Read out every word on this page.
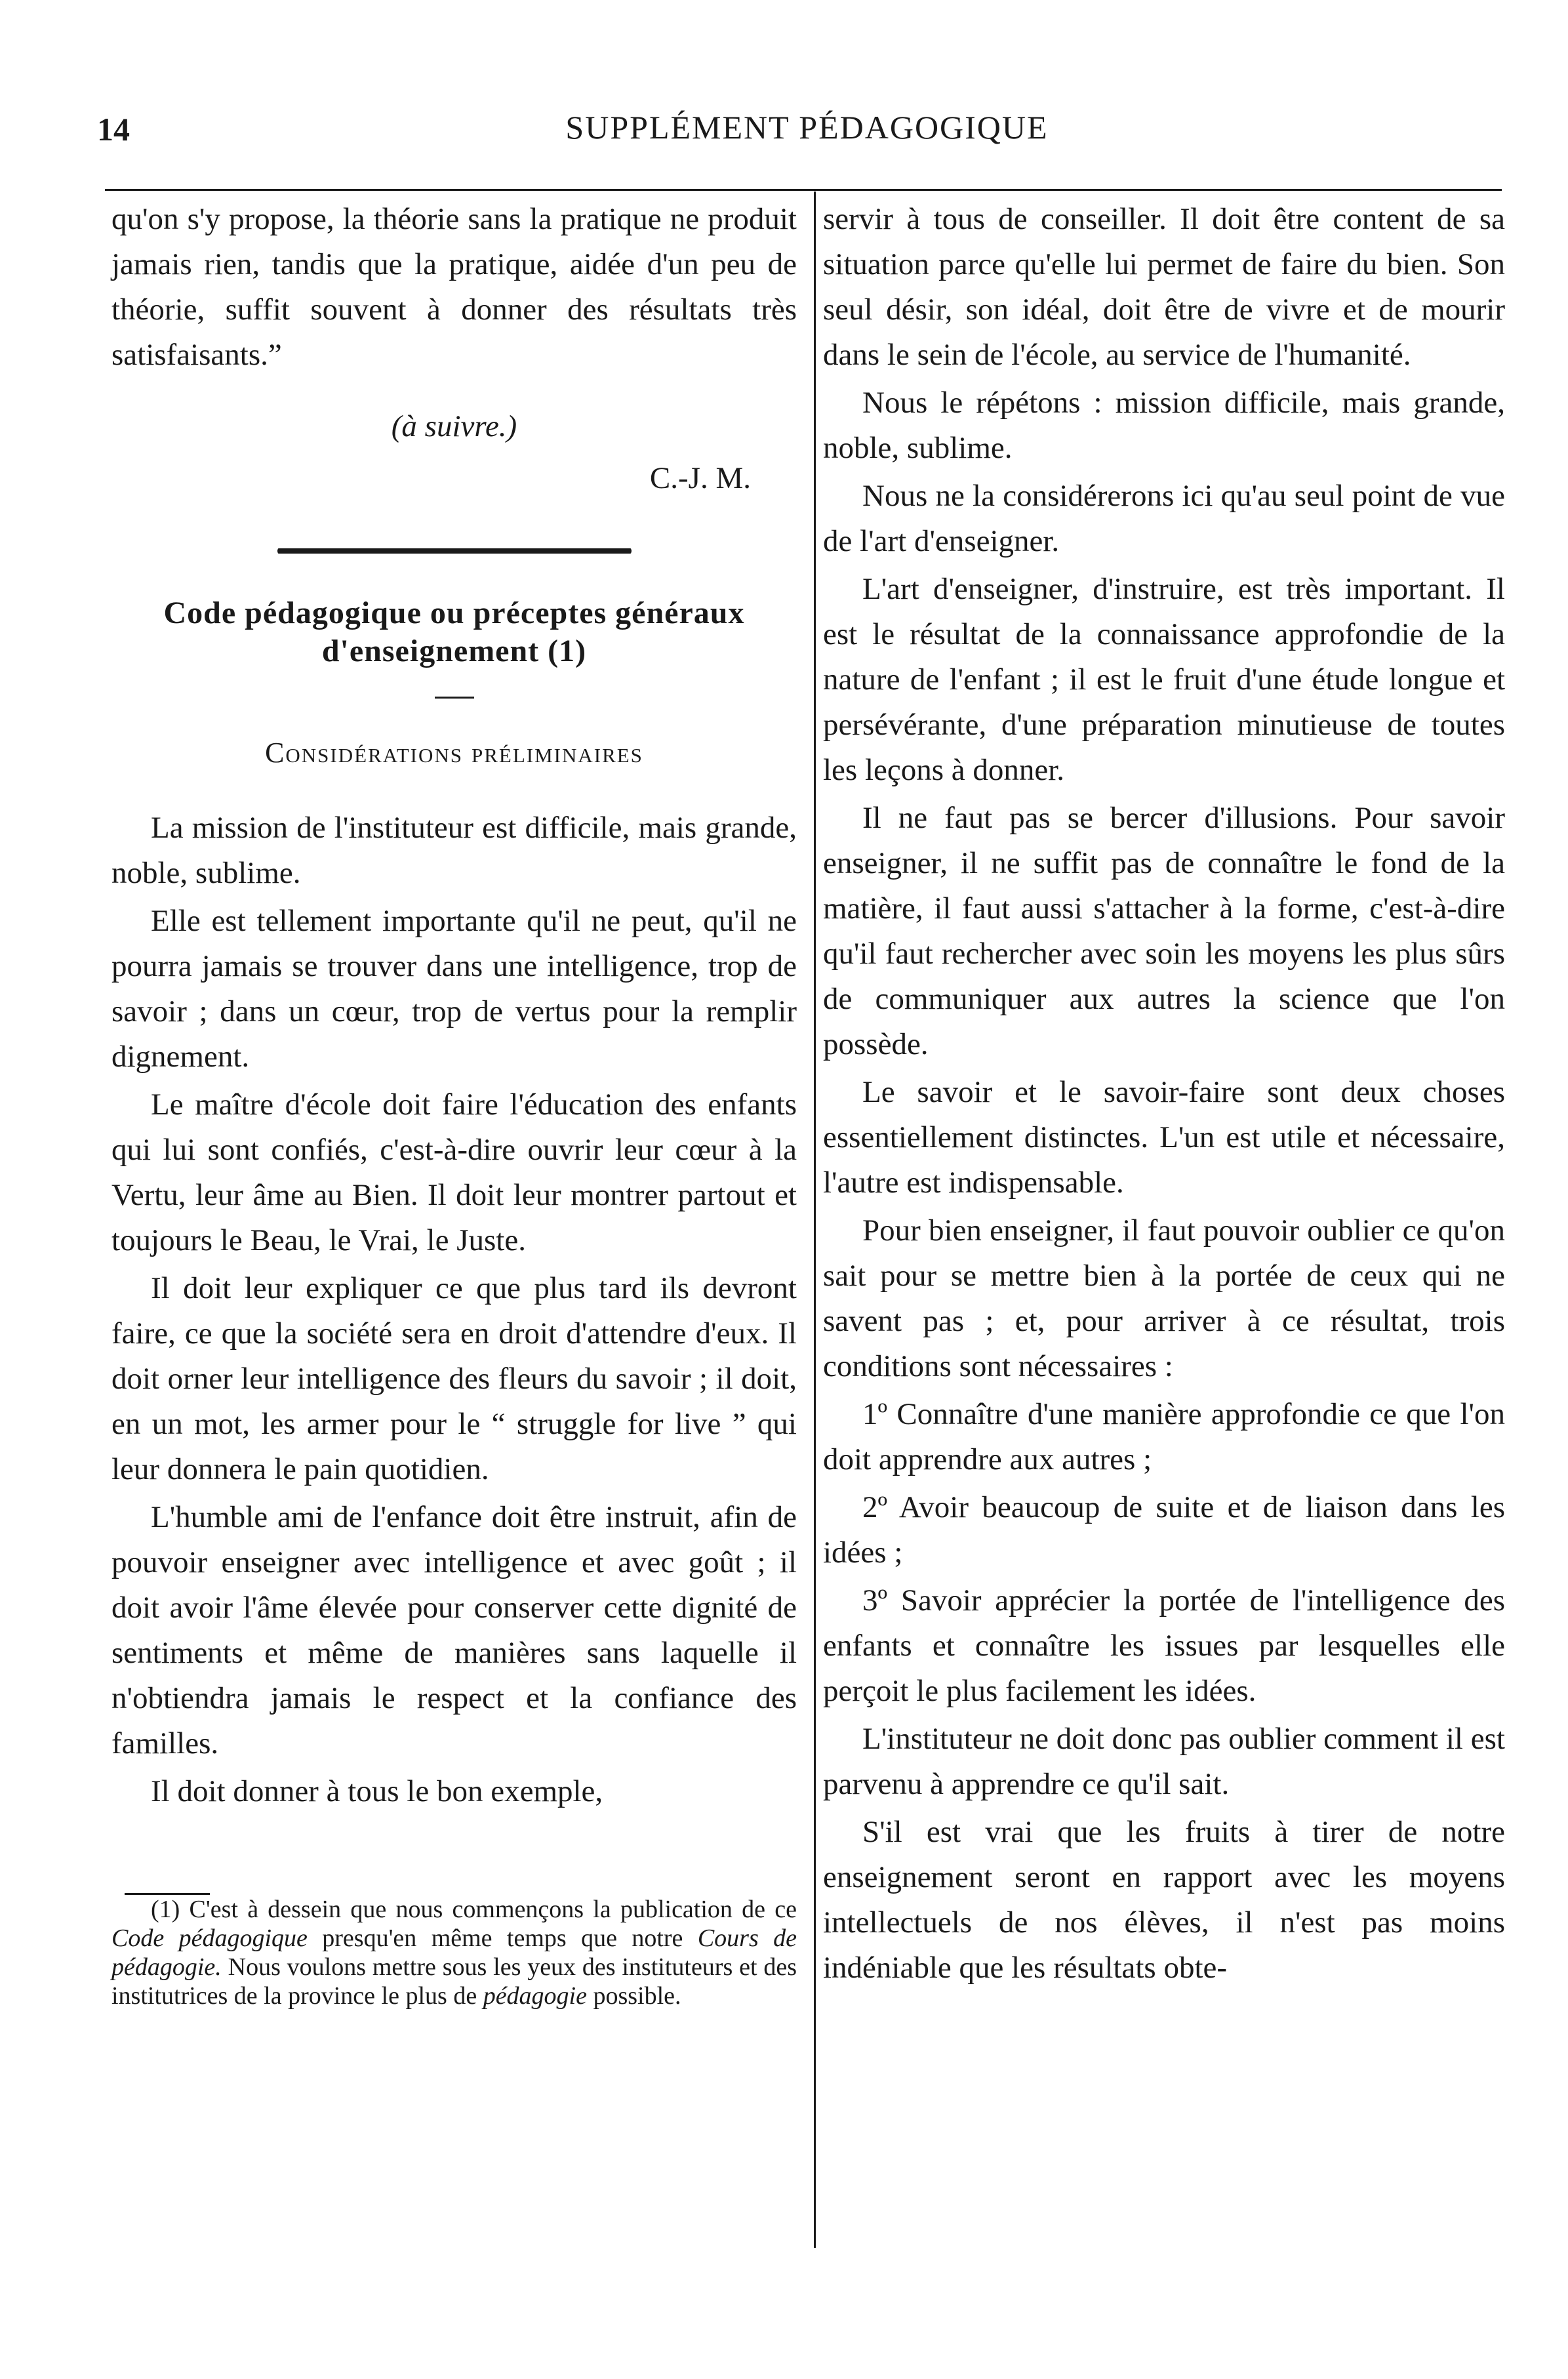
14	SUPPLÉMENT PÉDAGOGIQUE

qu'on s'y propose, la théorie sans la pratique ne produit jamais rien, tandis que la pratique, aidée d'un peu de théorie, suffit souvent à donner des résultats très satisfaisants.”

(à suivre.)

C.-J. M.

Code pédagogique ou préceptes généraux d'enseignement (1)
Considérations préliminaires

La mission de l'instituteur est difficile, mais grande, noble, sublime.

Elle est tellement importante qu'il ne peut, qu'il ne pourra jamais se trouver dans une intelligence, trop de savoir ; dans un cœur, trop de vertus pour la remplir dignement.

Le maître d'école doit faire l'éducation des enfants qui lui sont confiés, c'est-à-dire ouvrir leur cœur à la Vertu, leur âme au Bien. Il doit leur montrer partout et toujours le Beau, le Vrai, le Juste.

Il doit leur expliquer ce que plus tard ils devront faire, ce que la société sera en droit d'attendre d'eux. Il doit orner leur intelligence des fleurs du savoir ; il doit, en un mot, les armer pour le “ struggle for live ” qui leur donnera le pain quotidien.

L'humble ami de l'enfance doit être instruit, afin de pouvoir enseigner avec intelligence et avec goût ; il doit avoir l'âme élevée pour conserver cette dignité de sentiments et même de manières sans laquelle il n'obtiendra jamais le respect et la confiance des familles.

Il doit donner à tous le bon exemple,

(1) C'est à dessein que nous commençons la publication de ce Code pédagogique presqu'en même temps que notre Cours de pédagogie. Nous voulons mettre sous les yeux des instituteurs et des institutrices de la province le plus de pédagogie possible.

servir à tous de conseiller. Il doit être content de sa situation parce qu'elle lui permet de faire du bien. Son seul désir, son idéal, doit être de vivre et de mourir dans le sein de l'école, au service de l'humanité.

Nous le répétons : mission difficile, mais grande, noble, sublime.

Nous ne la considérerons ici qu'au seul point de vue de l'art d'enseigner.

L'art d'enseigner, d'instruire, est très important. Il est le résultat de la connaissance approfondie de la nature de l'enfant ; il est le fruit d'une étude longue et persévérante, d'une préparation minutieuse de toutes les leçons à donner.

Il ne faut pas se bercer d'illusions. Pour savoir enseigner, il ne suffit pas de connaître le fond de la matière, il faut aussi s'attacher à la forme, c'est-à-dire qu'il faut rechercher avec soin les moyens les plus sûrs de communiquer aux autres la science que l'on possède.

Le savoir et le savoir-faire sont deux choses essentiellement distinctes. L'un est utile et nécessaire, l'autre est indispensable.

Pour bien enseigner, il faut pouvoir oublier ce qu'on sait pour se mettre bien à la portée de ceux qui ne savent pas ; et, pour arriver à ce résultat, trois conditions sont nécessaires :

1º Connaître d'une manière approfondie ce que l'on doit apprendre aux autres ;

2º Avoir beaucoup de suite et de liaison dans les idées ;

3º Savoir apprécier la portée de l'intelligence des enfants et connaître les issues par lesquelles elle perçoit le plus facilement les idées.

L'instituteur ne doit donc pas oublier comment il est parvenu à apprendre ce qu'il sait.

S'il est vrai que les fruits à tirer de notre enseignement seront en rapport avec les moyens intellectuels de nos élèves, il n'est pas moins indéniable que les résultats obte-
